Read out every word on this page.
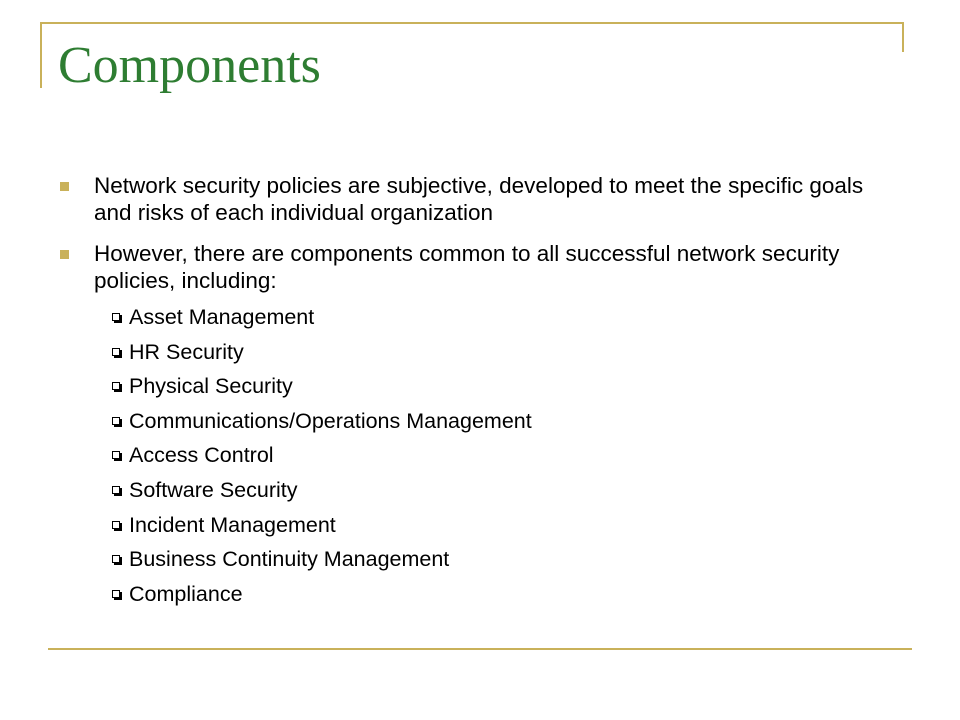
Components
Network security policies are subjective, developed to meet the specific goals and risks of each individual organization
However, there are components common to all successful network security policies, including:
Asset Management
HR Security
Physical Security
Communications/Operations Management
Access Control
Software Security
Incident Management
Business Continuity Management
Compliance
